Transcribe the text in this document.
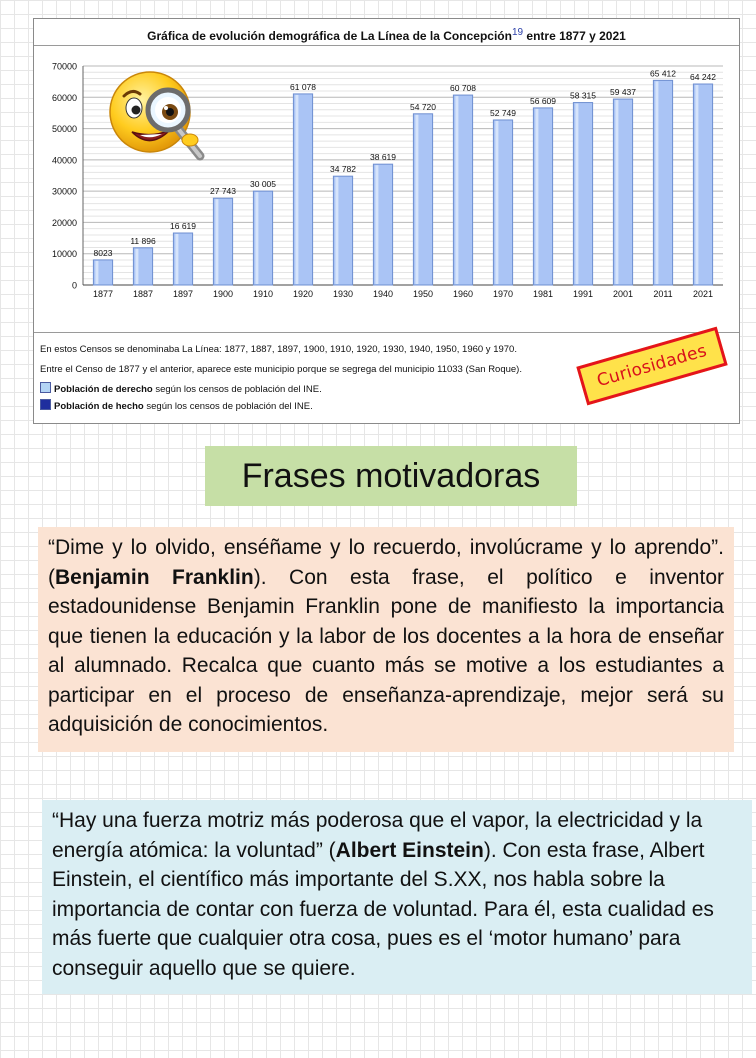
Gráfica de evolución demográfica de La Línea de la Concepción$^{19}$ entre 1877 y 2021
0
10000
20000
30000
40000
50000
60000
70000
8023
1877
11 896
1887
16 619
1897
27 743
1900
30 005
1910
61 078
1920
34 782
1930
38 619
1940
54 720
1950
60 708
1960
52 749
1970
56 609
1981
58 315
1991
59 437
2001
65 412
2011
64 242
2021
En estos Censos se denominaba La Línea: 1877, 1887, 1897, 1900, 1910, 1920, 1930, 1940, 1950, 1960 y 1970.
Entre el Censo de 1877 y el anterior, aparece este municipio porque se segrega del municipio 11033 (San Roque).
Población de derecho según los censos de población del INE.
Población de hecho según los censos de población del INE.
Curiosidades
Frases motivadoras
“Dime y lo olvido, enséñame y lo recuerdo, involúcrame y lo aprendo”. (Benjamin Franklin). Con esta frase, el político e inventor estadounidense Benjamin Franklin pone de manifiesto la importancia que tienen la educación y la labor de los docentes a la hora de enseñar al alumnado. Recalca que cuanto más se motive a los estudiantes a participar en el proceso de enseñanza-aprendizaje, mejor será su adquisición de conocimientos.
“Hay una fuerza motriz más poderosa que el vapor, la electricidad y la energía atómica: la voluntad” (Albert Einstein). Con esta frase, Albert Einstein, el científico más importante del S.XX, nos habla sobre la importancia de contar con fuerza de voluntad. Para él, esta cualidad es más fuerte que cualquier otra cosa, pues es el ‘motor humano’ para conseguir aquello que se quiere.
